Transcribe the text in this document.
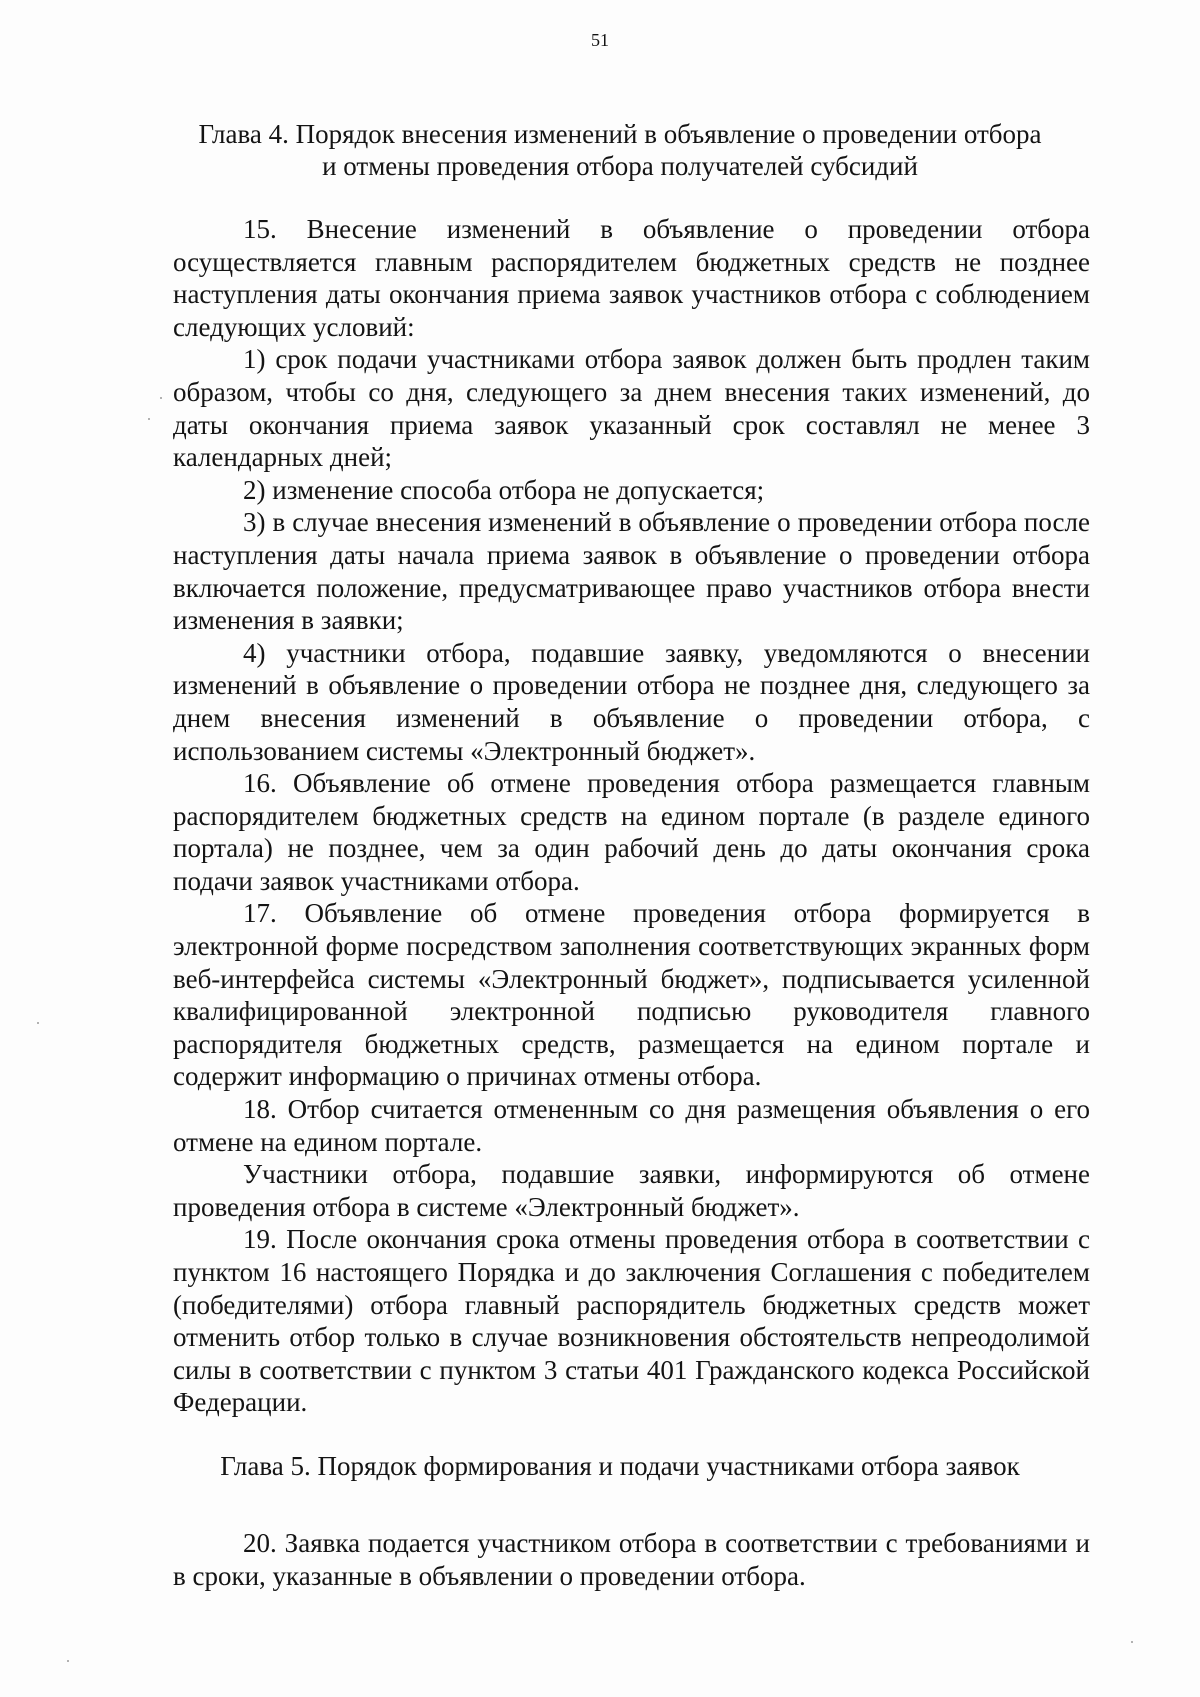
51

Глава 4. Порядок внесения изменений в объявление о проведении отбора
и отмены проведения отбора получателей субсидий

15. Внесение изменений в объявление о проведении отбора осуществляется главным распорядителем бюджетных средств не позднее наступления даты окончания приема заявок участников отбора с соблюдением следующих условий:

1) срок подачи участниками отбора заявок должен быть продлен таким образом, чтобы со дня, следующего за днем внесения таких изменений, до даты окончания приема заявок указанный срок составлял не менее 3 календарных дней;

2) изменение способа отбора не допускается;

3) в случае внесения изменений в объявление о проведении отбора после наступления даты начала приема заявок в объявление о проведении отбора включается положение, предусматривающее право участников отбора внести изменения в заявки;

4) участники отбора, подавшие заявку, уведомляются о внесении изменений в объявление о проведении отбора не позднее дня, следующего за днем внесения изменений в объявление о проведении отбора, с использованием системы «Электронный бюджет».

16. Объявление об отмене проведения отбора размещается главным распорядителем бюджетных средств на едином портале (в разделе единого портала) не позднее, чем за один рабочий день до даты окончания срока подачи заявок участниками отбора.

17. Объявление об отмене проведения отбора формируется в электронной форме посредством заполнения соответствующих экранных форм веб-интерфейса системы «Электронный бюджет», подписывается усиленной квалифицированной электронной подписью руководителя главного распорядителя бюджетных средств, размещается на едином портале и содержит информацию о причинах отмены отбора.

18. Отбор считается отмененным со дня размещения объявления о его отмене на едином портале.

Участники отбора, подавшие заявки, информируются об отмене проведения отбора в системе «Электронный бюджет».

19. После окончания срока отмены проведения отбора в соответствии с пунктом 16 настоящего Порядка и до заключения Соглашения с победителем (победителями) отбора главный распорядитель бюджетных средств может отменить отбор только в случае возникновения обстоятельств непреодолимой силы в соответствии с пунктом 3 статьи 401 Гражданского кодекса Российской Федерации.

Глава 5. Порядок формирования и подачи участниками отбора заявок

20. Заявка подается участником отбора в соответствии с требованиями и в сроки, указанные в объявлении о проведении отбора.
